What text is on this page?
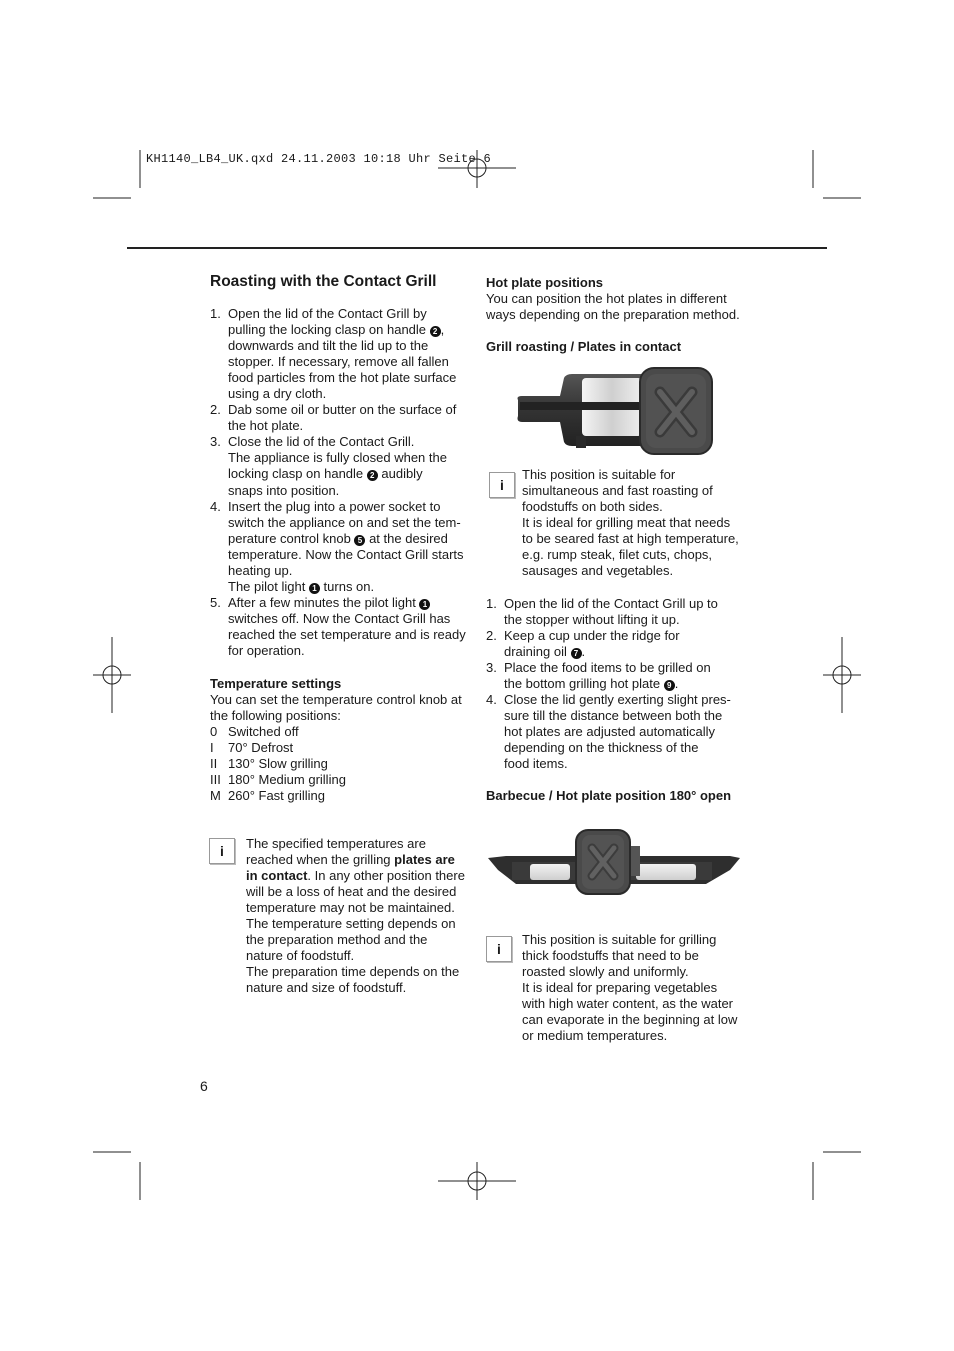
KH1140_LB4_UK.qxd 24.11.2003 10:18 Uhr Seite 6
Roasting with the Contact Grill
1. Open the lid of the Contact Grill by
pulling the locking clasp on handle 2 ,
downwards and tilt the lid up to the
stopper. If necessary, remove all fallen
food particles from the hot plate surface
using a dry cloth.
2. Dab some oil or butter on the surface of
the hot plate.
3. Close the lid of the Contact Grill.
The appliance is fully closed when the
locking clasp on handle 2 audibly
snaps into position.
4. Insert the plug into a power socket to
switch the appliance on and set the tem-
perature control knob 5 at the desired
temperature. Now the Contact Grill starts
heating up.
The pilot light 1 turns on.
5. After a few minutes the pilot light 1
switches off. Now the Contact Grill has
reached the set temperature and is ready
for operation.
Temperature settings
You can set the temperature control knob at
the following positions:
0 Switched off
I	70° Defrost
II 130° Slow grilling
III 180° Medium grilling
M 260° Fast grilling
i	The specified temperatures are
reached when the grilling plates are
in contact. In any other position there
will be a loss of heat and the desired
temperature may not be maintained.
The temperature setting depends on
the preparation method and the
nature of foodstuff.
The preparation time depends on the
nature and size of foodstuff.
6
Hot plate positions
You can position the hot plates in different
ways depending on the preparation method.
Grill roasting / Plates in contact
i
This position is suitable for
simultaneous and fast roasting of
foodstuffs on both sides.
It is ideal for grilling meat that needs
to be seared fast at high temperature,
e.g. rump steak, filet cuts, chops,
sausages and vegetables.
1. Open the lid of the Contact Grill up to
the stopper without lifting it up.
2. Keep a cup under the ridge for
draining oil 7 .
3. Place the food items to be grilled on
the bottom grilling hot plate 9 .
4. Close the lid gently exerting slight pres-
sure till the distance between both the
hot plates are adjusted automatically
depending on the thickness of the
food items.
Barbecue / Hot plate position 180° open
i
This position is suitable for grilling
thick foodstuffs that need to be
roasted slowly and uniformly.
It is ideal for preparing vegetables
with high water content, as the water
can evaporate in the beginning at low
or medium temperatures.
